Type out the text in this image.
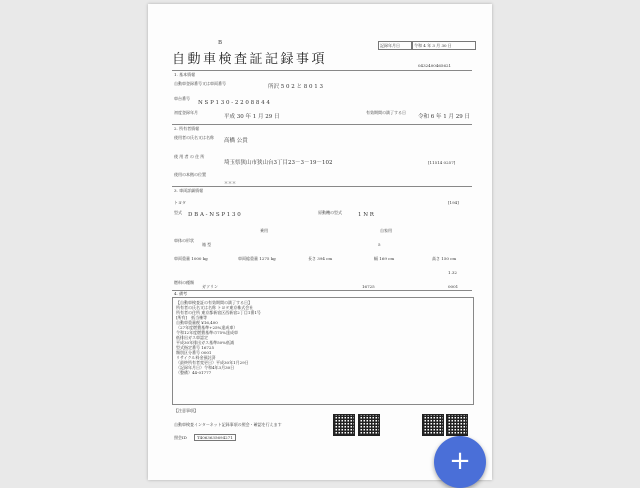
B
自動車検査証記録事項
記録年月日	令和 4 年 3 月 30 日
0432400465621
1. 基本情報
自動車登録番号又は車両番号
所沢 5 0 2 と 8 0 1 3
車台番号
N S P 1 3 0 - 2 2 0 8 8 4 4
初度登録年月
平成 30 年 1 月 29 日
有効期間の満了する日
令和 6 年 1 月 29 日
2. 所有者情報
使用者の氏名又は名称
高橋 公貴
使 用 者 の 住 所
埼玉県狭山市狭山台3丁目23－3－19－102	[11514 0257]
使用の本拠の位置
＊＊＊
3. 車両詳細情報
トヨタ	[194]
型式 D B A - N S P 1 3 0	原動機の型式	1 N R
乗用	自家用
車体の形状
箱 型	5
長さ 394 cm	幅 169 cm	高さ 150 cm
車両重量 1000 kg	車両総重量 1275 kg
1.32
燃料の種類
ガソリン	16725	0001
4. 備考
【自動車検査証の有効期間の満了する日】
所有者の氏名又は名称 トヨタ東京株式会社
所有者の住所 東京都新宿区西新宿2丁目1番1号
[所有]　抵当権等
自動車重量税 ¥16,400
（27年度燃費基準+25%達成車）
令和12年度燃費基準の75%達成車
低排出ガス車認定
平成30年排出ガス基準50%低減
型式指定番号 16725
類別区分番号 0001
リサイクル料金預託済
（最終所有者変更日）平成30年1月29日
（記録年月日）令和4年3月30日
（整備）44-01777
【注意事項】
自動車検査インターネット記録事項の照会・確認を行えます
照会ID	T4063635694271
+
